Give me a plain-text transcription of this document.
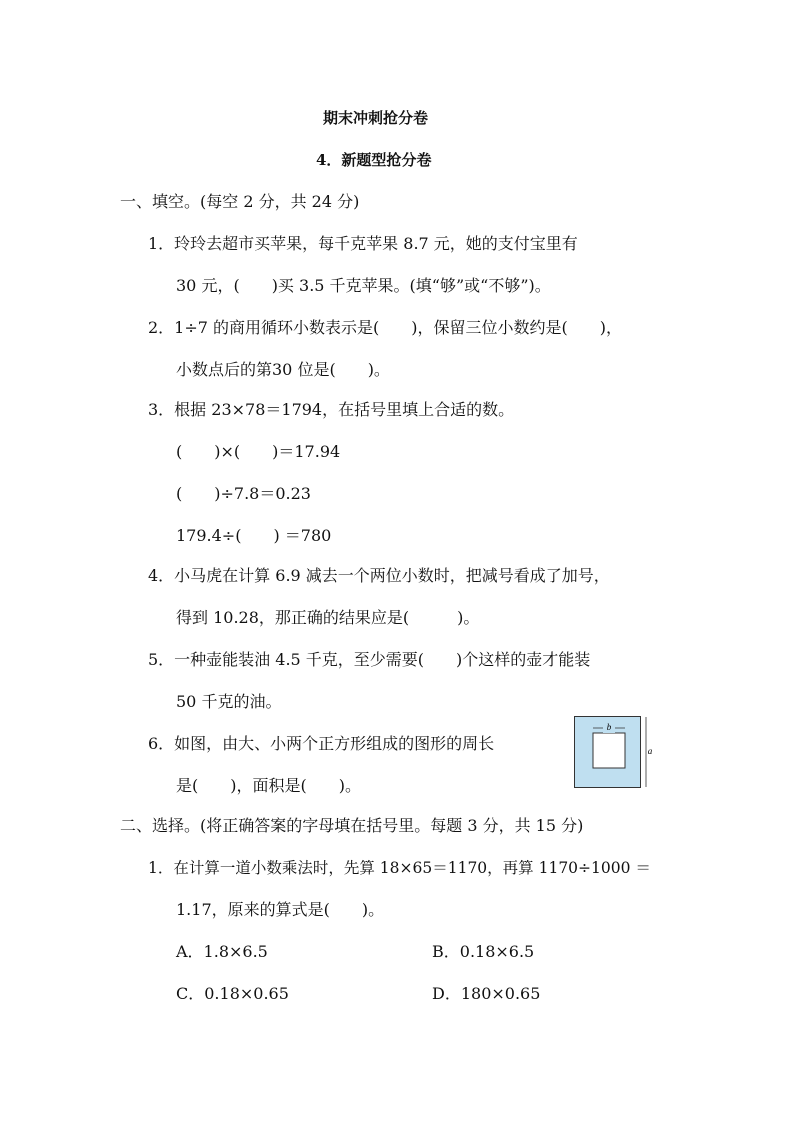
期末冲刺抢分卷
4．新题型抢分卷
一、填空。(每空 2 分，共 24 分)
1．玲玲去超市买苹果，每千克苹果 8.7 元，她的支付宝里有
30 元，(　　)买 3.5 千克苹果。(填“够”或“不够”)。
2．1÷7 的商用循环小数表示是(　　)，保留三位小数约是(　　)，
小数点后的第30 位是(　　)。
3．根据 23×78＝1794，在括号里填上合适的数。
(　　)×(　　)＝17.94
(　　)÷7.8＝0.23
179.4÷(　　) ＝780
4．小马虎在计算 6.9 减去一个两位小数时，把减号看成了加号，
得到 10.28，那正确的结果应是(　　　)。
5．一种壶能装油 4.5 千克，至少需要(　　)个这样的壶才能装
50 千克的油。
6．如图，由大、小两个正方形组成的图形的周长
是(　　)，面积是(　　)。
b
a
二、选择。(将正确答案的字母填在括号里。每题 3 分，共 15 分)
1．在计算一道小数乘法时，先算 18×65＝1170，再算 1170÷1000 ＝
1.17，原来的算式是(　　)。
A．1.8×6.5	B．0.18×6.5
C．0.18×0.65	D．180×0.65
